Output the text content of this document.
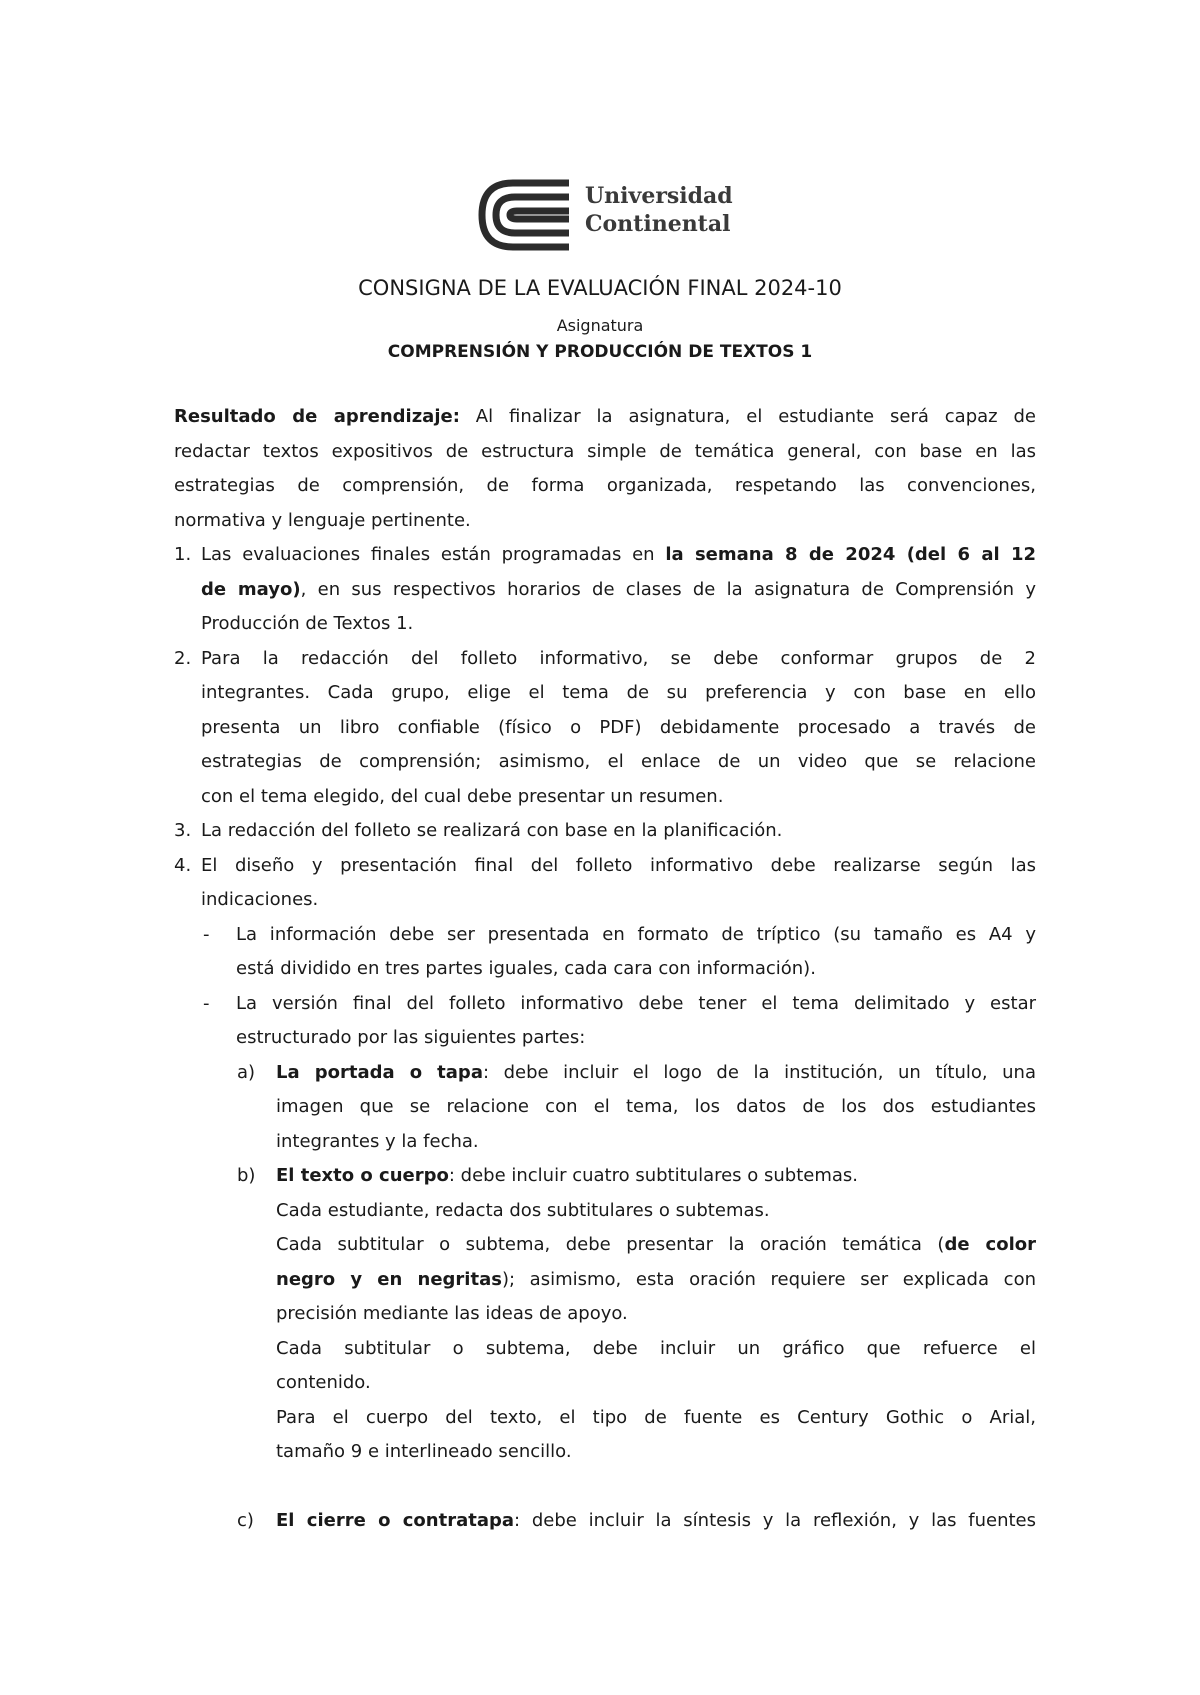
Universidad
Continental
CONSIGNA DE LA EVALUACIÓN FINAL 2024-10
Asignatura
COMPRENSIÓN Y PRODUCCIÓN DE TEXTOS 1
Resultado de aprendizaje: Al finalizar la asignatura, el estudiante será capaz de
redactar textos expositivos de estructura simple de temática general, con base en las
estrategias de comprensión, de forma organizada, respetando las convenciones,
normativa y lenguaje pertinente.
1. Las evaluaciones finales están programadas en la semana 8 de 2024 (del 6 al 12
de mayo), en sus respectivos horarios de clases de la asignatura de Comprensión y
Producción de Textos 1.
2. Para la redacción del folleto informativo, se debe conformar grupos de 2
integrantes. Cada grupo, elige el tema de su preferencia y con base en ello
presenta un libro confiable (físico o PDF) debidamente procesado a través de
estrategias de comprensión; asimismo, el enlace de un video que se relacione
con el tema elegido, del cual debe presentar un resumen.
3. La redacción del folleto se realizará con base en la planificación.
4. El diseño y presentación final del folleto informativo debe realizarse según las
indicaciones.
- La información debe ser presentada en formato de tríptico (su tamaño es A4 y
está dividido en tres partes iguales, cada cara con información).
- La versión final del folleto informativo debe tener el tema delimitado y estar
estructurado por las siguientes partes:
a) La portada o tapa: debe incluir el logo de la institución, un título, una
imagen que se relacione con el tema, los datos de los dos estudiantes
integrantes y la fecha.
b) El texto o cuerpo: debe incluir cuatro subtitulares o subtemas.
Cada estudiante, redacta dos subtitulares o subtemas.
Cada subtitular o subtema, debe presentar la oración temática (de color
negro y en negritas); asimismo, esta oración requiere ser explicada con
precisión mediante las ideas de apoyo.
Cada subtitular o subtema, debe incluir un gráfico que refuerce el
contenido.
Para el cuerpo del texto, el tipo de fuente es Century Gothic o Arial,
tamaño 9 e interlineado sencillo.
c) El cierre o contratapa: debe incluir la síntesis y la reflexión, y las fuentes
